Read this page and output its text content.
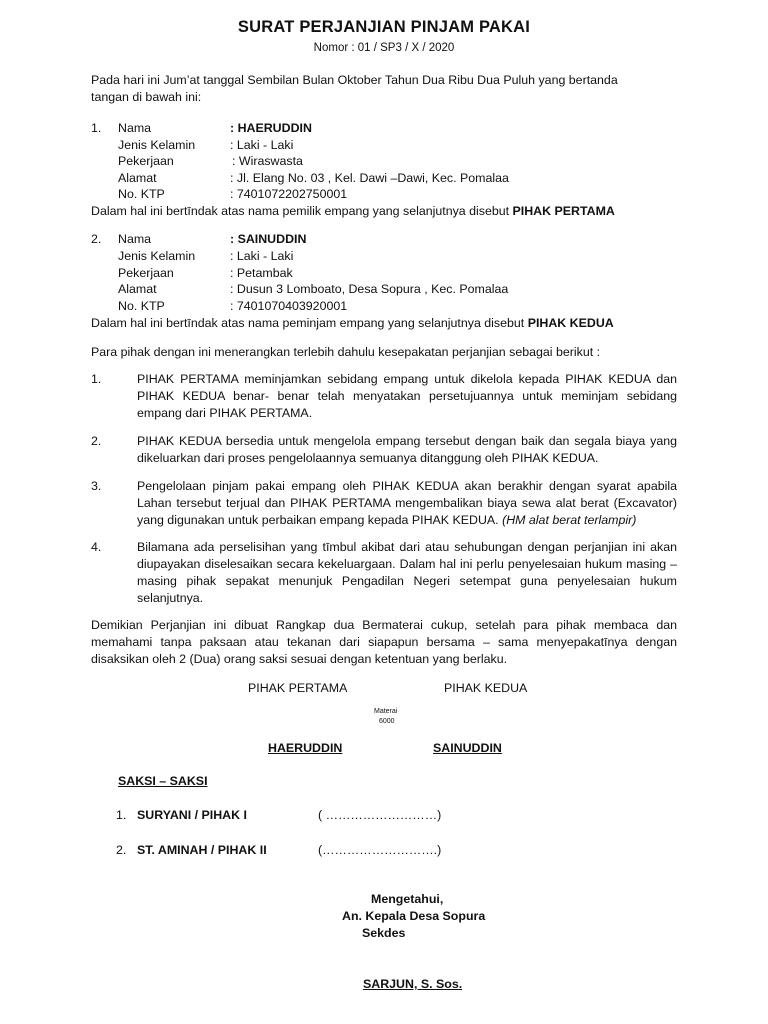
SURAT PERJANJIAN PINJAM PAKAI
Nomor : 01 / SP3 / X / 2020
Pada hari ini Jum’at tanggal Sembilan Bulan Oktober Tahun Dua Ribu Dua Puluh yang bertanda
tangan di bawah ini:
1. Nama	: HAERUDDIN
Jenis Kelamin	: Laki - Laki
Pekerjaan	: Wiraswasta
Alamat	: Jl. Elang No. 03 , Kel. Dawi –Dawi, Kec. Pomalaa
No. KTP	: 7401072202750001
Dalam hal ini bertīndak atas nama pemilik empang yang selanjutnya disebut PIHAK PERTAMA
2. Nama	: SAINUDDIN
Jenis Kelamin	: Laki - Laki
Pekerjaan	: Petambak
Alamat	: Dusun 3 Lomboato, Desa Sopura , Kec. Pomalaa
No. KTP	: 7401070403920001
Dalam hal ini bertīndak atas nama peminjam empang yang selanjutnya disebut PIHAK KEDUA
Para pihak dengan ini menerangkan terlebih dahulu kesepakatan perjanjian sebagai berikut :
1.	PIHAK PERTAMA meminjamkan sebidang empang untuk dikelola kepada PIHAK KEDUA dan PIHAK KEDUA benar- benar telah menyatakan persetujuannya untuk meminjam sebidang empang dari PIHAK PERTAMA.
2.	PIHAK KEDUA bersedia untuk mengelola empang tersebut dengan baik dan segala biaya yang dikeluarkan dari proses pengelolaannya semuanya ditanggung oleh PIHAK KEDUA.
3.	Pengelolaan pinjam pakai empang oleh PIHAK KEDUA akan berakhir dengan syarat apabila Lahan tersebut terjual dan PIHAK PERTAMA mengembalikan biaya sewa alat berat (Excavator) yang digunakan untuk perbaikan empang kepada PIHAK KEDUA. (HM alat berat terlampir)
4.	Bilamana ada perselisihan yang tīmbul akibat dari atau sehubungan dengan perjanjian ini akan diupayakan diselesaikan secara kekeluargaan. Dalam hal ini perlu penyelesaian hukum masing – masing pihak sepakat menunjuk Pengadilan Negeri setempat guna penyelesaian hukum selanjutnya.
Demikian Perjanjian ini dibuat Rangkap dua Bermaterai cukup, setelah para pihak membaca dan memahami tanpa paksaan atau tekanan dari siapapun bersama – sama menyepakatīnya dengan disaksikan oleh 2 (Dua) orang saksi sesuai dengan ketentuan yang berlaku.
PIHAK PERTAMA	PIHAK KEDUA
Materai
6000
HAERUDDIN	SAINUDDIN
SAKSI – SAKSI
1. SURYANI / PIHAK I	( ………………………)
2. ST. AMINAH / PIHAK II	(……………………….)
Mengetahui,
An. Kepala Desa Sopura
Sekdes
SARJUN, S. Sos.
